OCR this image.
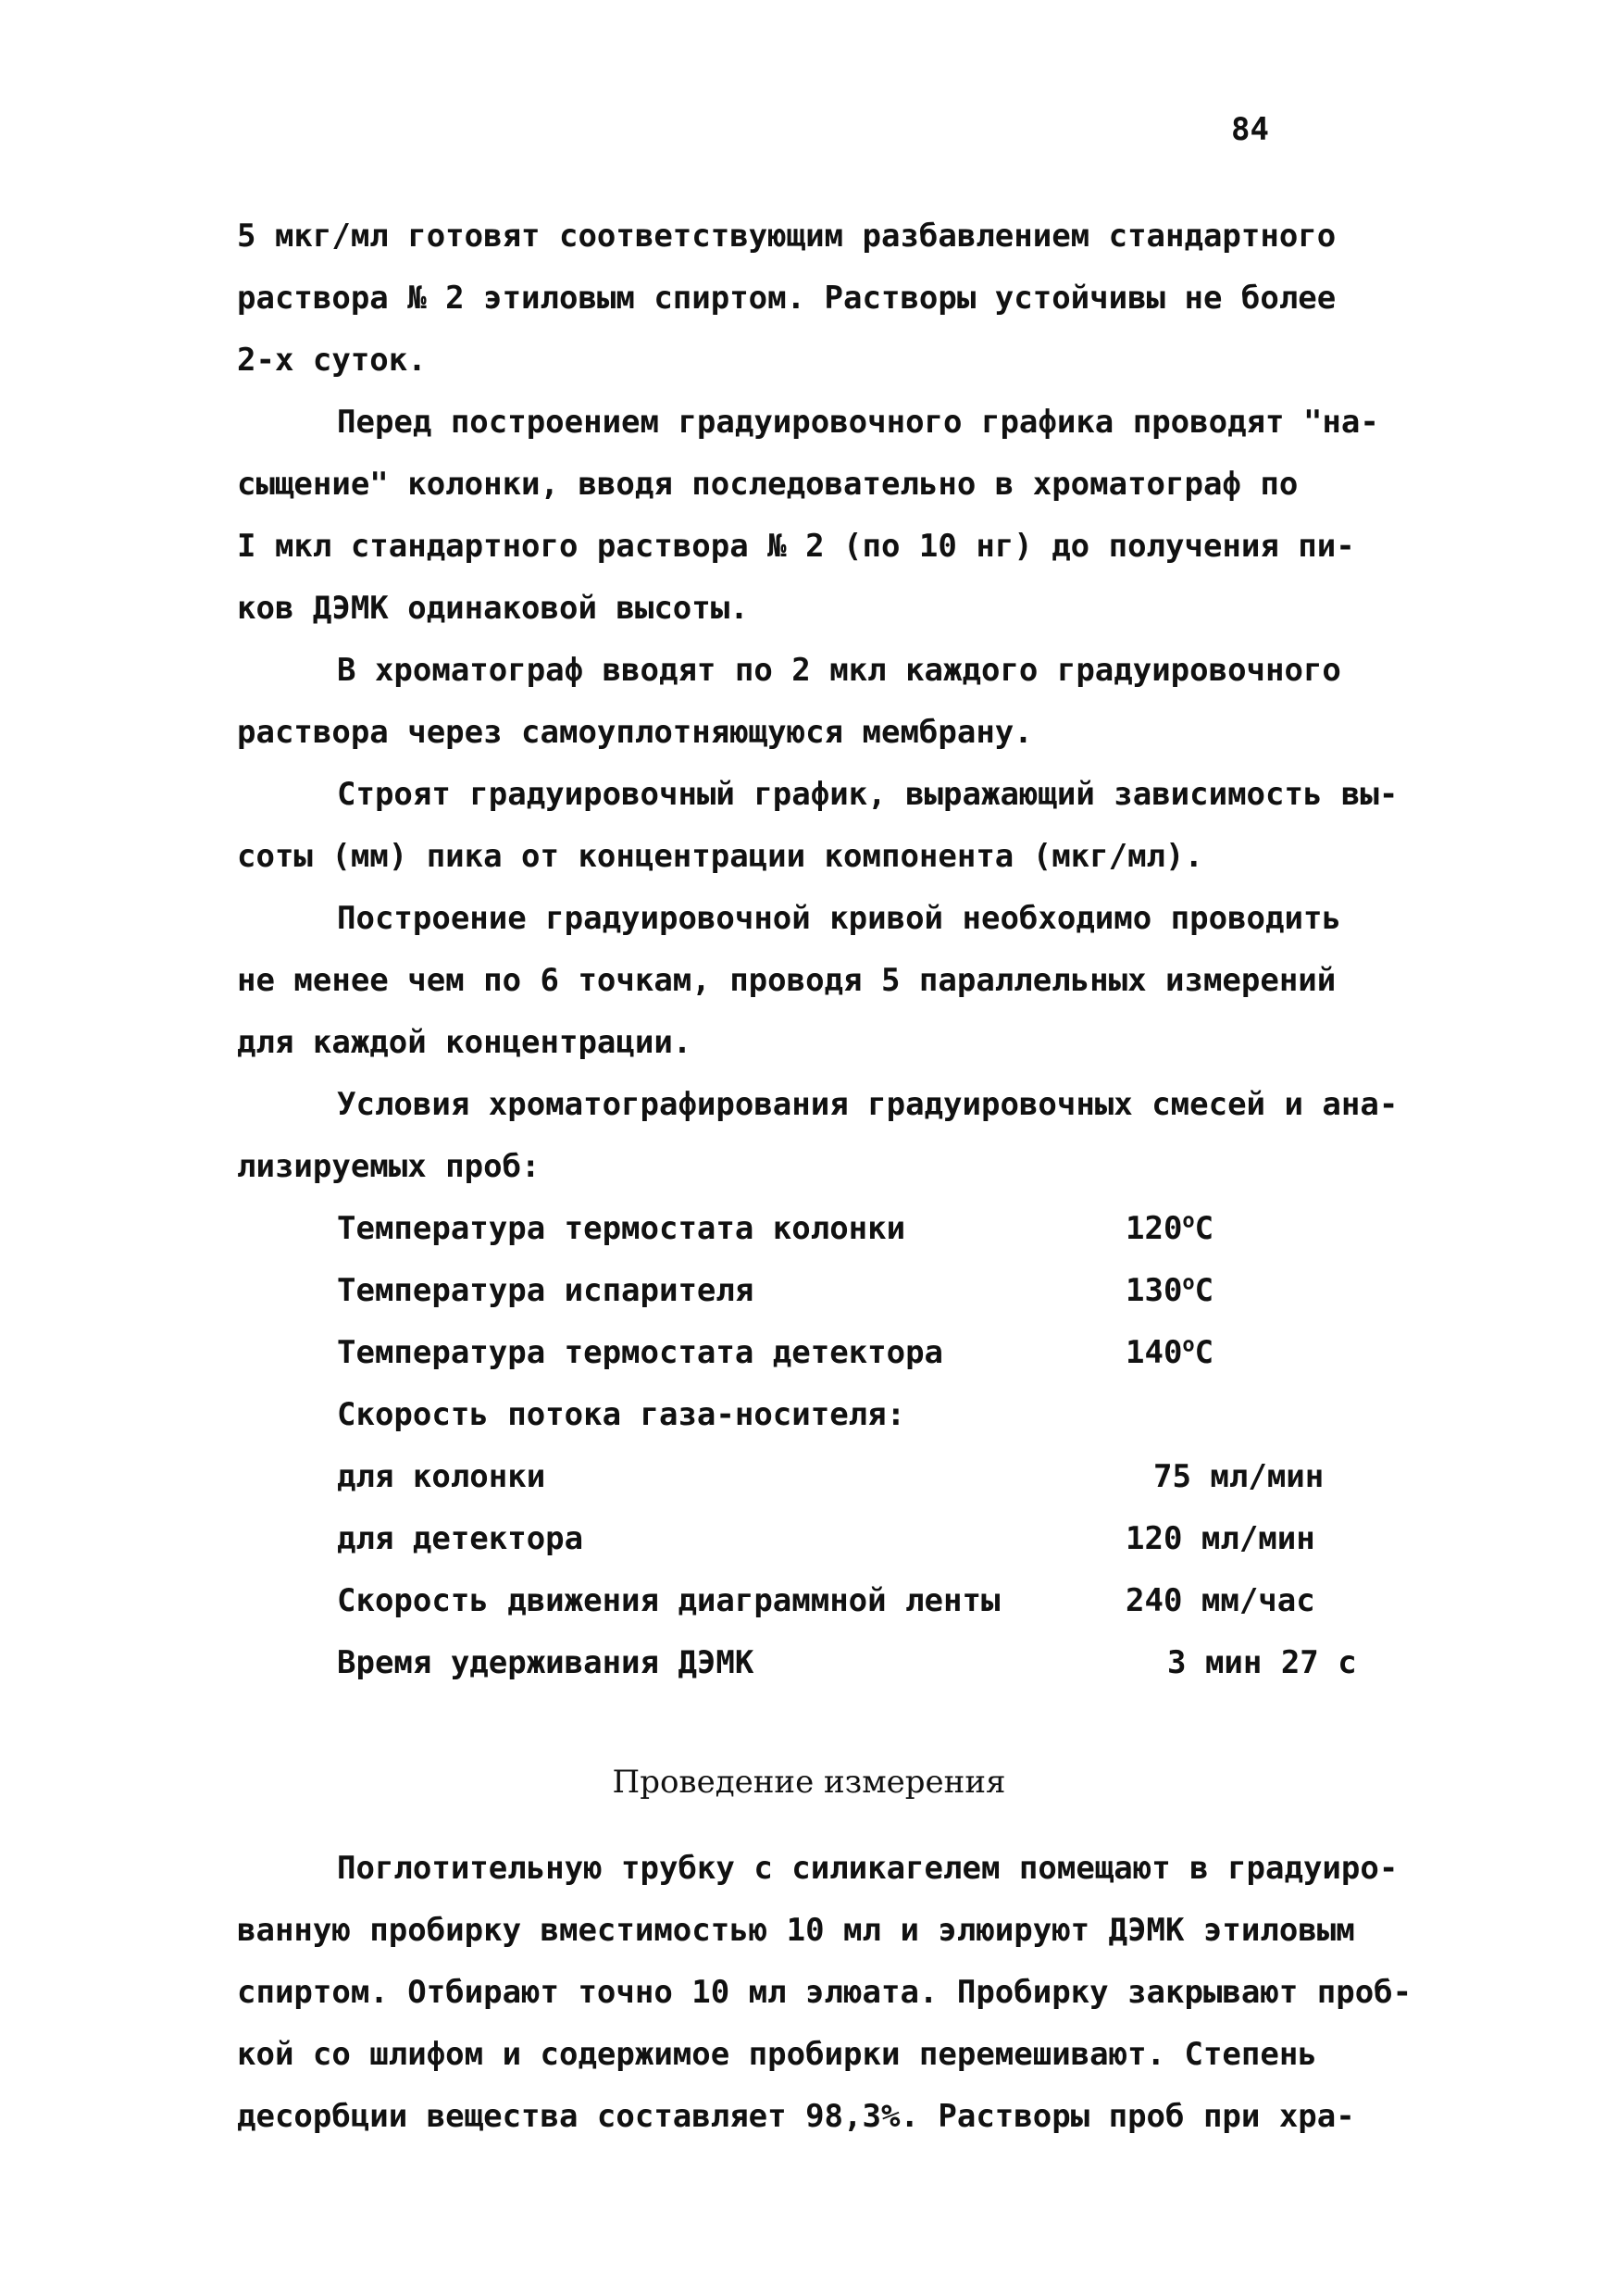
84
5 мкг/мл готовят соответствующим разбавлением стандартного
раствора № 2 этиловым спиртом. Растворы устойчивы не более
2-х суток.
Перед построением градуировочного графика проводят "на-
сыщение" колонки, вводя последовательно в хроматограф по
I мкл стандартного раствора № 2 (по 10 нг) до получения пи-
ков ДЭМК одинаковой высоты.
В хроматограф вводят по 2 мкл каждого градуировочного
раствора через самоуплотняющуюся мембрану.
Строят градуировочный график, выражающий зависимость вы-
соты (мм) пика от концентрации компонента (мкг/мл).
Построение градуировочной кривой необходимо проводить
не менее чем по 6 точкам, проводя 5 параллельных измерений
для каждой концентрации.
Условия хроматографирования градуировочных смесей и ана-
лизируемых проб:
Температура термостата колонки	$120^оС$
Температура испарителя	$130^оС$
Температура термостата детектора	$140^оС$
Скорость потока газа-носителя:
для колонки	75 мл/мин
для детектора	120 мл/мин
Скорость движения диаграммной ленты	240 мм/час
Время удерживания ДЭМК	3 мин 27 с
Проведение измерения
Поглотительную трубку с силикагелем помещают в градуиро-
ванную пробирку вместимостью 10 мл и элюируют ДЭМК этиловым
спиртом. Отбирают точно 10 мл элюата. Пробирку закрывают проб-
кой со шлифом и содержимое пробирки перемешивают. Степень
десорбции вещества составляет 98,3%. Растворы проб при хра-
